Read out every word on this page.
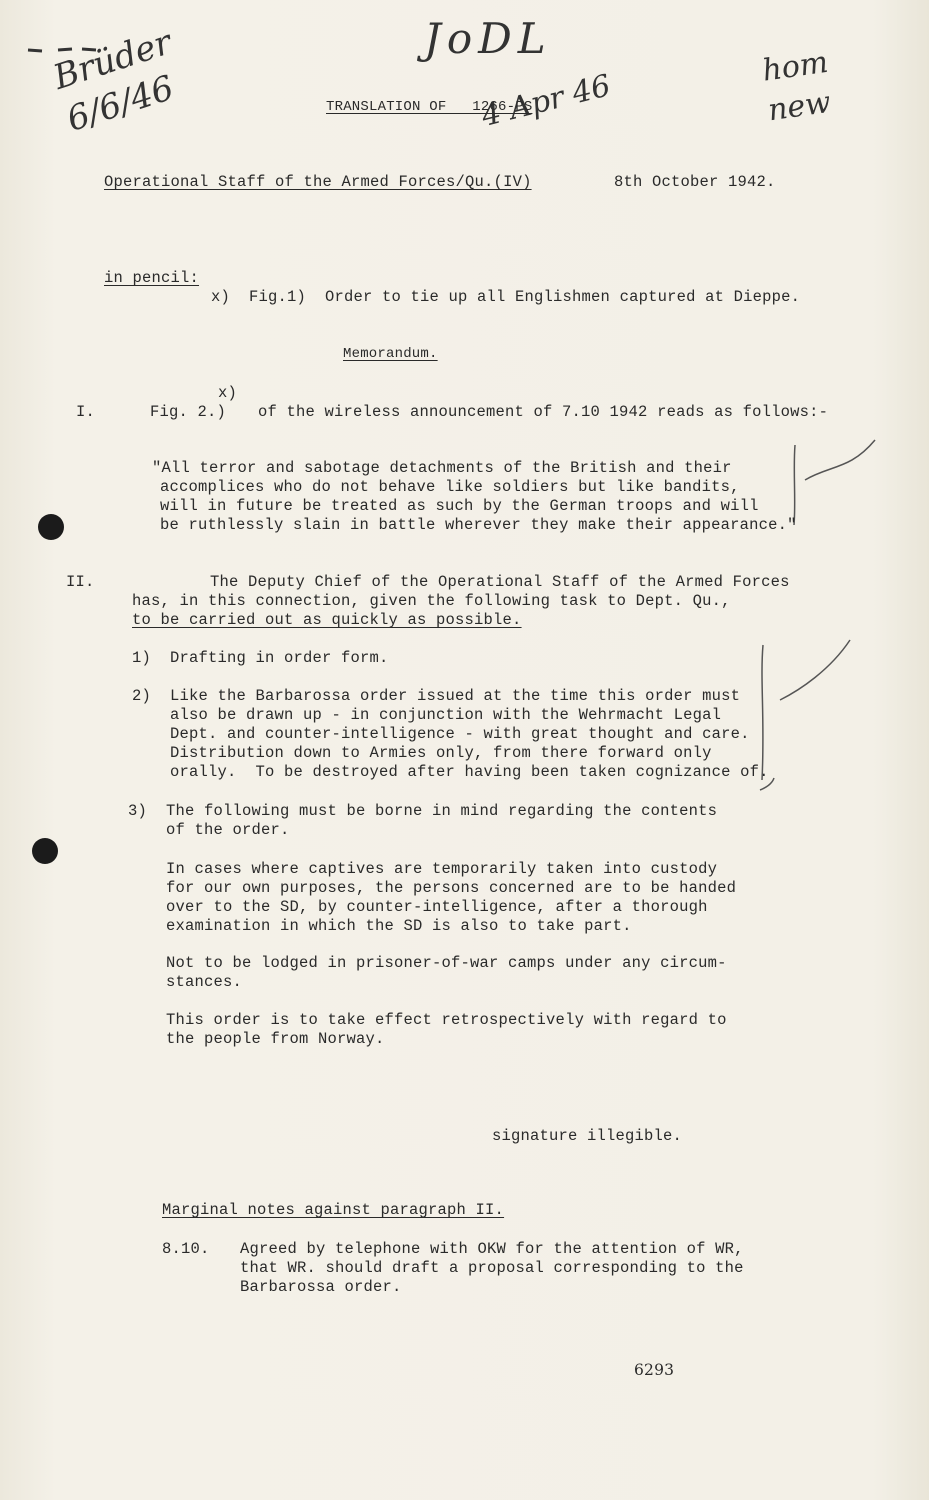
JoDL
Brüder
6/6/46	4 Apr 46
hom
new
TRANSLATION OF   1266-PS
Operational Staff of the Armed Forces/Qu.(IV)	8th October 1942.
in pencil:
x)  Fig.1)  Order to tie up all Englishmen captured at Dieppe.
Memorandum.
I.
x)
Fig. 2.) of the wireless announcement of 7.10 1942 reads as follows:-
"All terror and sabotage detachments of the British and their
accomplices who do not behave like soldiers but like bandits,
will in future be treated as such by the German troops and will
be ruthlessly slain in battle wherever they make their appearance."
II.	The Deputy Chief of the Operational Staff of the Armed Forces
has, in this connection, given the following task to Dept. Qu.,
to be carried out as quickly as possible.
1) Drafting in order form.
2) Like the Barbarossa order issued at the time this order must
also be drawn up - in conjunction with the Wehrmacht Legal
Dept. and counter-intelligence - with great thought and care.
Distribution down to Armies only, from there forward only
orally.  To be destroyed after having been taken cognizance of.
3) The following must be borne in mind regarding the contents
of the order.
In cases where captives are temporarily taken into custody
for our own purposes, the persons concerned are to be handed
over to the SD, by counter-intelligence, after a thorough
examination in which the SD is also to take part.
Not to be lodged in prisoner-of-war camps under any circum-
stances.
This order is to take effect retrospectively with regard to
the people from Norway.
signature illegible.
Marginal notes against paragraph II.
8.10. Agreed by telephone with OKW for the attention of WR,
that WR. should draft a proposal corresponding to the
Barbarossa order.
6293
